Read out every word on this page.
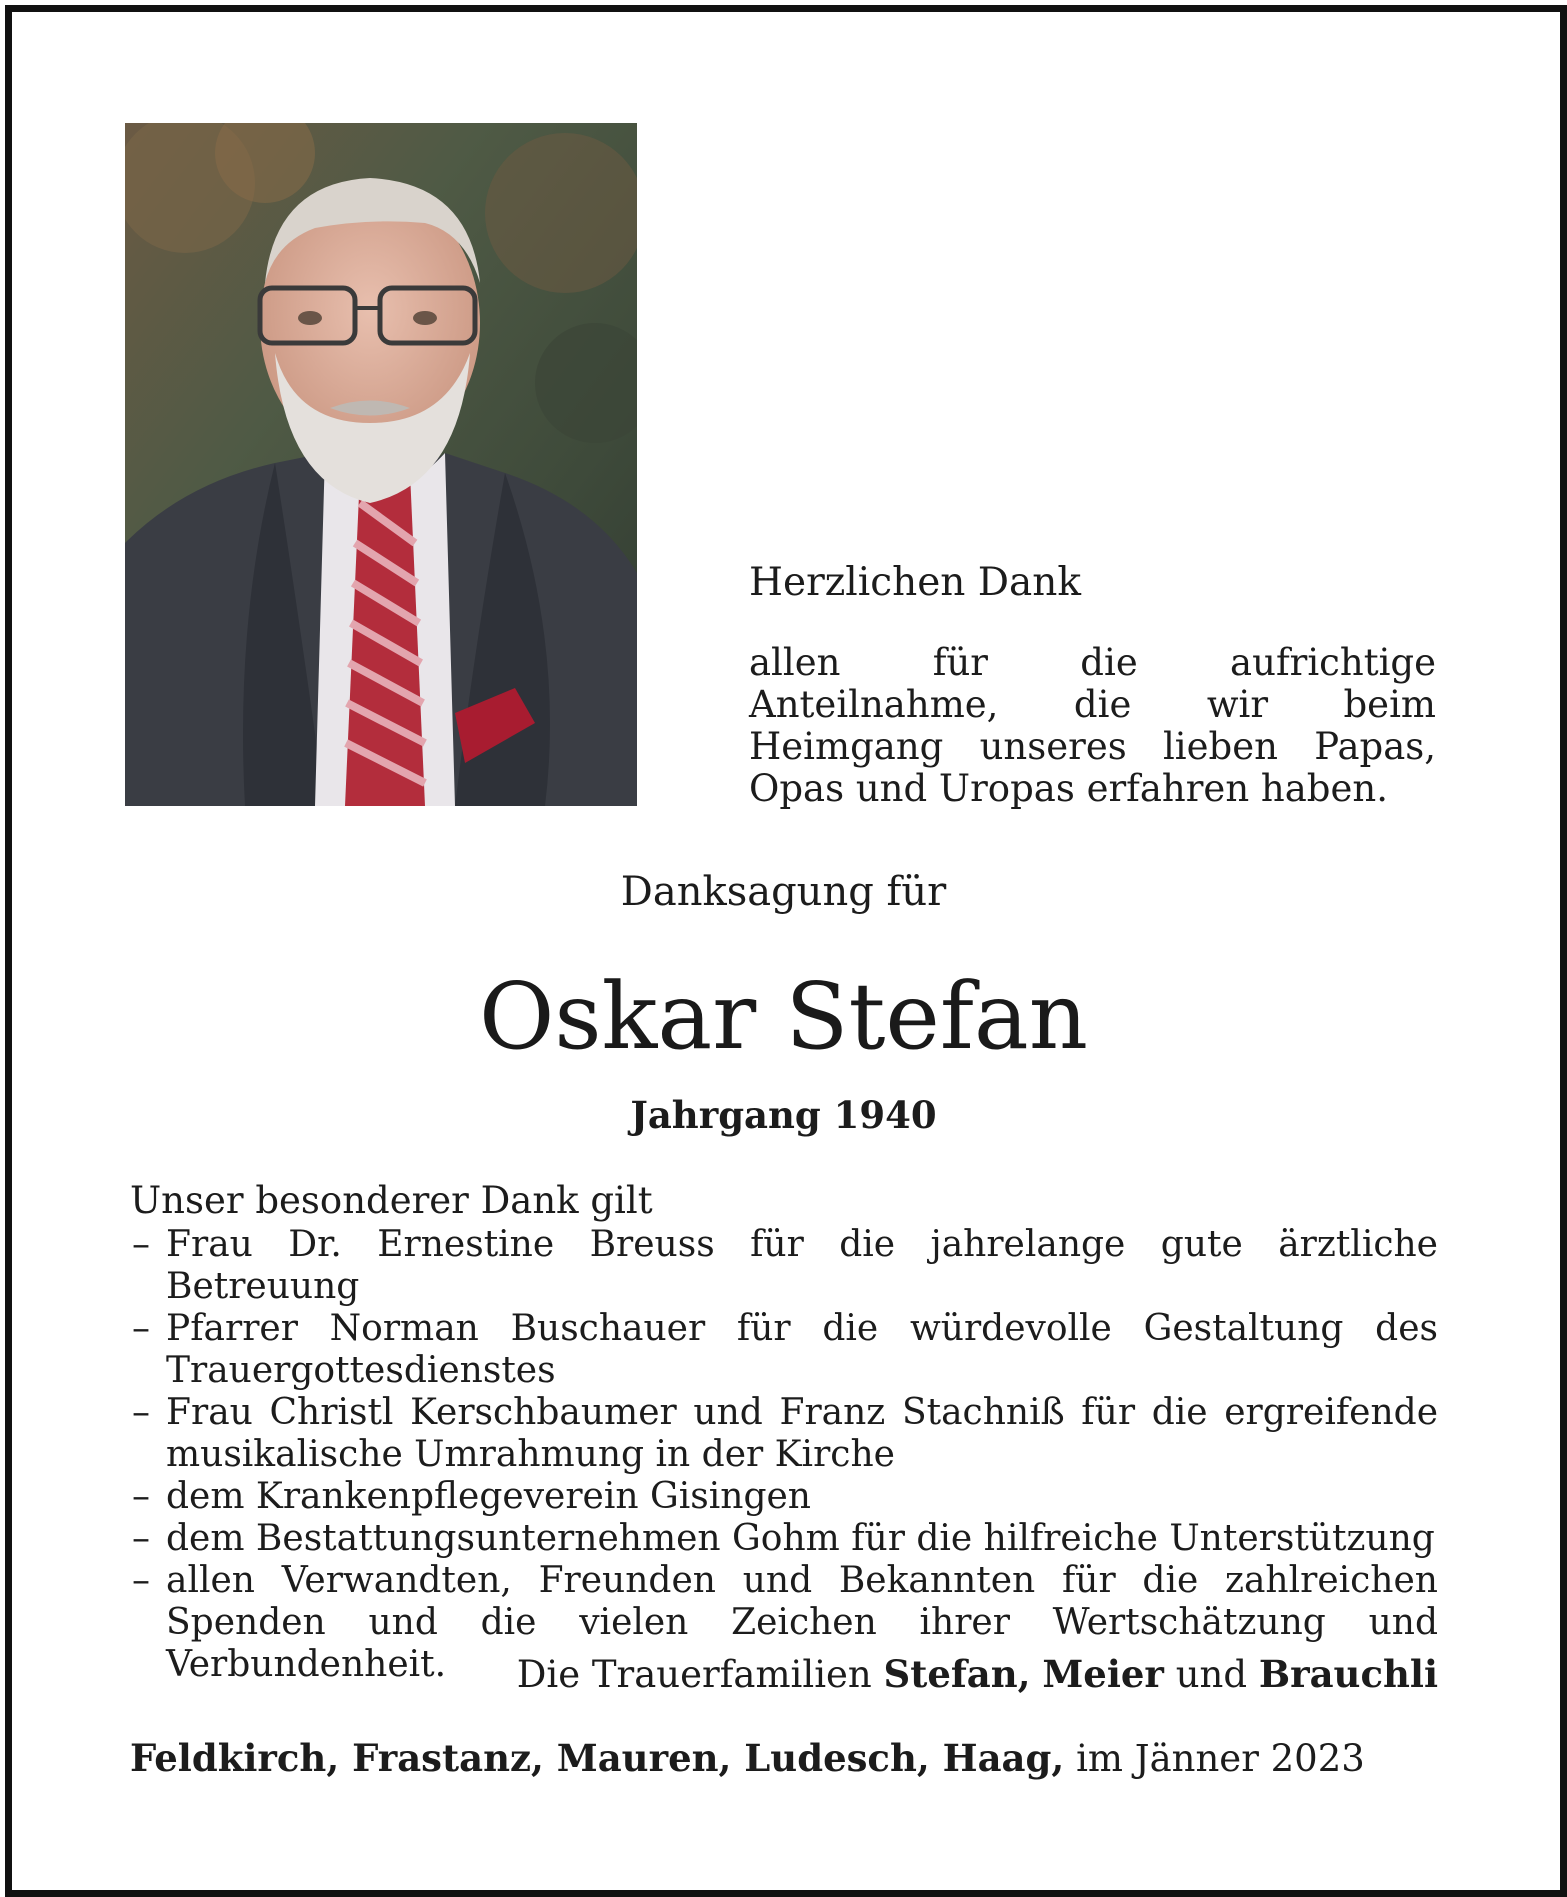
Herzlichen Dank

allen für die aufrichtige Anteilnahme, die wir beim Heimgang unseres lieben Papas, Opas und Uropas erfahren haben.

Danksagung für
Oskar Stefan
Jahrgang 1940
Unser besonderer Dank gilt
– Frau Dr. Ernestine Breuss für die jahrelange gute ärztliche Betreuung
– Pfarrer Norman Buschauer für die würdevolle Gestaltung des Trauergottesdienstes
– Frau Christl Kerschbaumer und Franz Stachniß für die ergreifende musikalische Umrahmung in der Kirche
– dem Krankenpflegeverein Gisingen
– dem Bestattungsunternehmen Gohm für die hilfreiche Unterstützung
– allen Verwandten, Freunden und Bekannten für die zahlreichen Spenden und die vielen Zeichen ihrer Wertschätzung und Verbundenheit.	Die Trauerfamilien Stefan, Meier und Brauchli
Feldkirch, Frastanz, Mauren, Ludesch, Haag, im Jänner 2023
